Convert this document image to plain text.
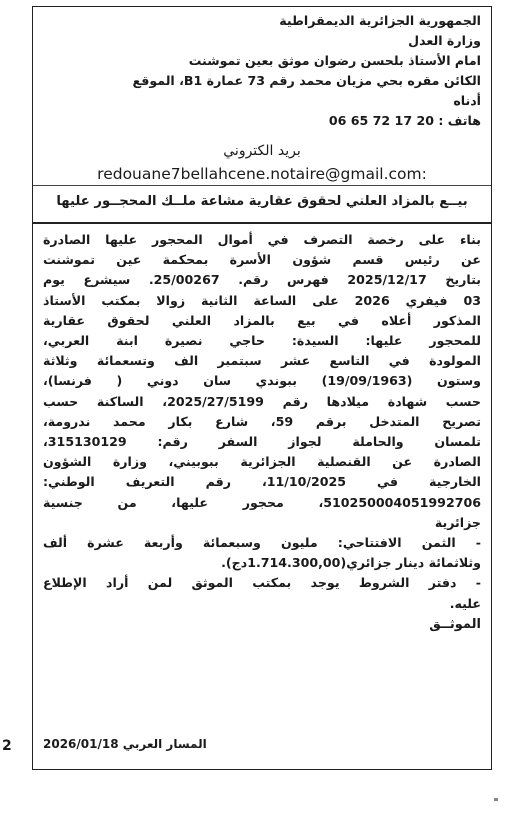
الجمهورية الجزائرية الديمقراطية
وزارة العدل
امام الأستاذ بلحسن رضوان موثق بعين تموشنت
الكائن مقره بحي مزيان محمد رقم 73 عمارة B1، الموقع
أدناه
هاتف : 06 65 72 17 20
بريد الكتروني
redouane7bellahcene.notaire@gmail.com:
بيــع بالمزاد العلني لحقوق عقارية مشاعة ملــك المحجــور عليها
بناء على رخصة التصرف في أموال المحجور عليها الصادرة
عن رئيس قسم شؤون الأسرة بمحكمة عين تموشنت
بتاريخ 2025/12/17 فهرس رقم. 25/00267. سيشرع يوم
03 فيفري 2026 على الساعة الثانية زوالا بمكتب الأستاذ
المذكور أعلاه في بيع بالمزاد العلني لحقوق عقارية
للمحجور عليها: السيدة: حاجي نصيرة ابنة العربي،
المولودة في التاسع عشر سبتمبر الف وتسعمائة وثلاثة
وستون (19/09/1963) ببوندي سان دوني ( فرنسا)،
حسب شهادة ميلادها رقم 2025/27/5199، الساكنة حسب
تصريح المتدخل برقم 59، شارع بكار محمد ندرومة،
تلمسان والحاملة لجواز السفر رقم: 315130129،
الصادرة عن القنصلية الجزائرية ببوبيني، وزارة الشؤون
الخارجية في 11/10/2025، رقم التعريف الوطني:
510250004051992706، محجور عليها، من جنسية
جزائرية
- الثمن الافتتاحي: مليون وسبعمائة وأربعة عشرة ألف
وثلاثمائة دينار جزائري(1.714.300,00دج).
- دفتر الشروط يوجد بمكتب الموثق لمن أراد الإطلاع
عليه.
الموثــق
2026/01/18 المسار العربي
2
